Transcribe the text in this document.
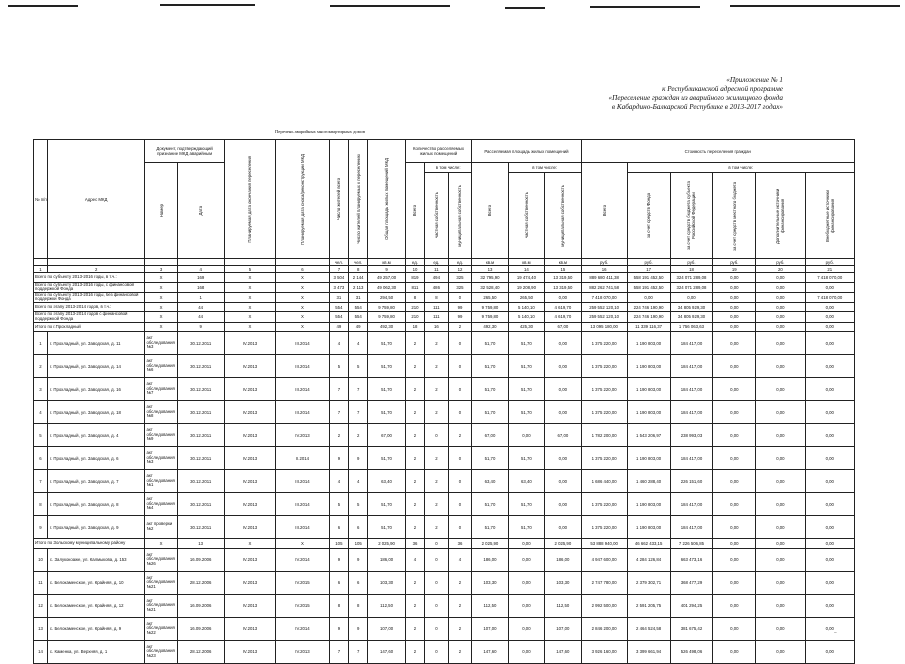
«Приложение № 1
к Республиканской адресной программе
«Переселение граждан из аварийного жилищного фонда
в Кабардино-Балкарской Республике в 2013-2017 годах»
Перечень аварийных многоквартирных домов
№ п/п	Адрес МКД	Документ, подтверждающий признание МКД аварийным		Планируемая дата окончания переселения	Планируемая дата сноса/реконструкции МКД	Число жителей всего	Число жителей планируемых к переселению	Общая площадь жилых помещений МКД	Количество расселяемых жилых помещений			Расселяемая площадь жилых помещений			Стоимость переселения граждан					

		Номер	Дата						Всего	в том числе:		Всего	в том числе:		Всего	в том числе:				

										частная собственность	муниципальная собственность		частная собственность	муниципальная собственность		за счет средств Фонда	за счет средств бюджета субъекта Российской Федерации	за счет средств местного бюджета	Дополнительные источники финансирования	Внебюджетные источники финансирования

						чел.	чел.	кв.м	ед.	ед.	ед.	кв.м	кв.м	кв.м	руб.	руб.	руб.	руб.	руб.	руб.
1	2	3	4	5	6	7	8	9	10	11	12	13	14	15	16	17	18	19	20	21
Всего по субъекту 2013-2016 годы, в т.ч.:		Х	169	Х	Х	3 504	2 144	49 257,00	819	494	325	32 795,90	19 474,40	13 319,50	889 680 411,38	558 191 452,50	324 071 289,08	0,00	0,00	7 418 070,00
Всего по субъекту 2013-2016 годы, с финансовой поддержкой Фонда		Х	168	Х	Х	3 473	2 113	49 062,30	811	486	325	32 528,40	19 208,90	13 319,50	882 262 741,58	558 191 452,50	324 071 289,08	0,00	0,00	0,00
Всего по субъекту 2013-2016 годы, без финансовой поддержки Фонда		Х	1	Х	Х	31	31	294,50	8	8	0	265,50	265,50	0,00	7 418 070,00	0,00	0,00	0,00	0,00	7 418 070,00
Всего по этапу 2013-2014 годов, в т.ч.:		Х	44	Х	Х	554	554	9 759,80	210	111	99	9 759,80	5 140,10	4 619,70	259 552 120,10	224 746 190,90	34 805 929,30	0,00	0,00	0,00
Всего по этапу 2013-2014 годов с финансовой поддержкой Фонда		Х	44	Х	Х	554	554	9 759,80	210	111	99	9 759,80	5 140,10	4 619,70	259 552 120,10	224 746 190,90	34 805 929,30	0,00	0,00	0,00
Итого по г.Прохладный		Х	9	Х	Х	49	49	492,30	18	16	2	492,30	425,30	67,00	13 095 180,00	11 339 116,37	1 756 063,63	0,00	0,00	0,00
1	г. Прохладный, ул. Заводская, д. 11	акт обследования №3	30.12.2011	IV.2013	III.2014	4	4	51,70	2	2	0	51,70	51,70	0,00	1 375 220,00	1 190 803,00	184 417,00	0,00	0,00	0,00
2	г. Прохладный, ул. Заводская, д. 14	акт обследования №6	30.12.2011	IV.2013	III.2014	5	5	51,70	2	2	0	51,70	51,70	0,00	1 375 220,00	1 190 803,00	184 417,00	0,00	0,00	0,00
3	г. Прохладный, ул. Заводская, д. 16	акт обследования №7	30.12.2011	IV.2013	III.2014	7	7	51,70	2	2	0	51,70	51,70	0,00	1 375 220,00	1 190 803,00	184 417,00	0,00	0,00	0,00
4	г. Прохладный, ул. Заводская, д. 18	акт обследования №8	30.12.2011	IV.2013	III.2014	7	7	51,70	2	2	0	51,70	51,70	0,00	1 375 220,00	1 190 803,00	184 417,00	0,00	0,00	0,00
5	г. Прохладный, ул. Заводская, д. 4	акт обследования №9	30.12.2011	IV.2013	IV.2013	2	2	67,00	2	0	2	67,00	0,00	67,00	1 782 200,00	1 543 206,97	238 993,03	0,00	0,00	0,00
6	г. Прохладный, ул. Заводская, д. 6	акт обследования №3	30.12.2011	IV.2013	II.2014	9	9	51,70	2	2	0	51,70	51,70	0,00	1 375 220,00	1 190 803,00	184 417,00	0,00	0,00	0,00
7	г. Прохладный, ул. Заводская, д. 7	акт обследования №1	30.12.2011	IV.2013	III.2014	4	4	63,40	2	2	0	63,40	63,40	0,00	1 686 440,00	1 460 288,40	226 151,60	0,00	0,00	0,00
8	г. Прохладный, ул. Заводская, д. 8	акт обследования №4	30.12.2011	IV.2013	III.2014	5	5	51,70	2	2	0	51,70	51,70	0,00	1 375 220,00	1 190 803,00	184 417,00	0,00	0,00	0,00
9	г. Прохладный, ул. Заводская, д. 9	акт проверки №2	30.12.2011	IV.2013	III.2014	6	6	51,70	2	2	0	51,70	51,70	0,00	1 375 220,00	1 190 803,00	184 417,00	0,00	0,00	0,00
Итого по Зольскому муниципальному району		Х	13	Х	Х	105	105	2 025,90	36	0	36	2 025,90	0,00	2 025,90	53 888 940,00	46 662 433,15	7 226 506,85	0,00	0,00	0,00
10	с. Залукокоаже, ул. Калмыкова, д. 153	акт обследования №26	16.09.2006	IV.2013	IV.2014	9	9	186,00	4	0	4	186,00	0,00	186,00	4 947 600,00	4 284 126,84	663 473,16	0,00	0,00	0,00
11	с. Белокаменское, ул. Крайняя, д. 10	акт обследования №21	28.12.2006	IV.2013	IV.2015	6	6	103,30	2	0	2	103,30	0,00	103,30	2 747 780,00	2 379 302,71	368 477,29	0,00	0,00	0,00
12	с. Белокаменское, ул. Крайняя, д. 12	акт обследования №21	16.09.2006	IV.2013	IV.2015	8	8	112,50	2	0	2	112,50	0,00	112,50	2 992 500,00	2 591 205,75	401 294,25	0,00	0,00	0,00
13	с. Белокаменское, ул. Крайняя, д. 9	акт обследования №22	16.09.2006	IV.2013	IV.2014	9	9	107,00	2	0	2	107,00	0,00	107,00	2 846 200,00	2 464 524,58	381 675,42	0,00	0,00	0,00
14	с. Каменка, ул. Верхняя, д. 1	акт обследования №23	28.12.2006	IV.2013	IV.2013	7	7	147,60	2	0	2	147,60	0,00	147,60	3 926 160,00	3 399 661,94	526 498,06	0,00	0,00	0,00
~
